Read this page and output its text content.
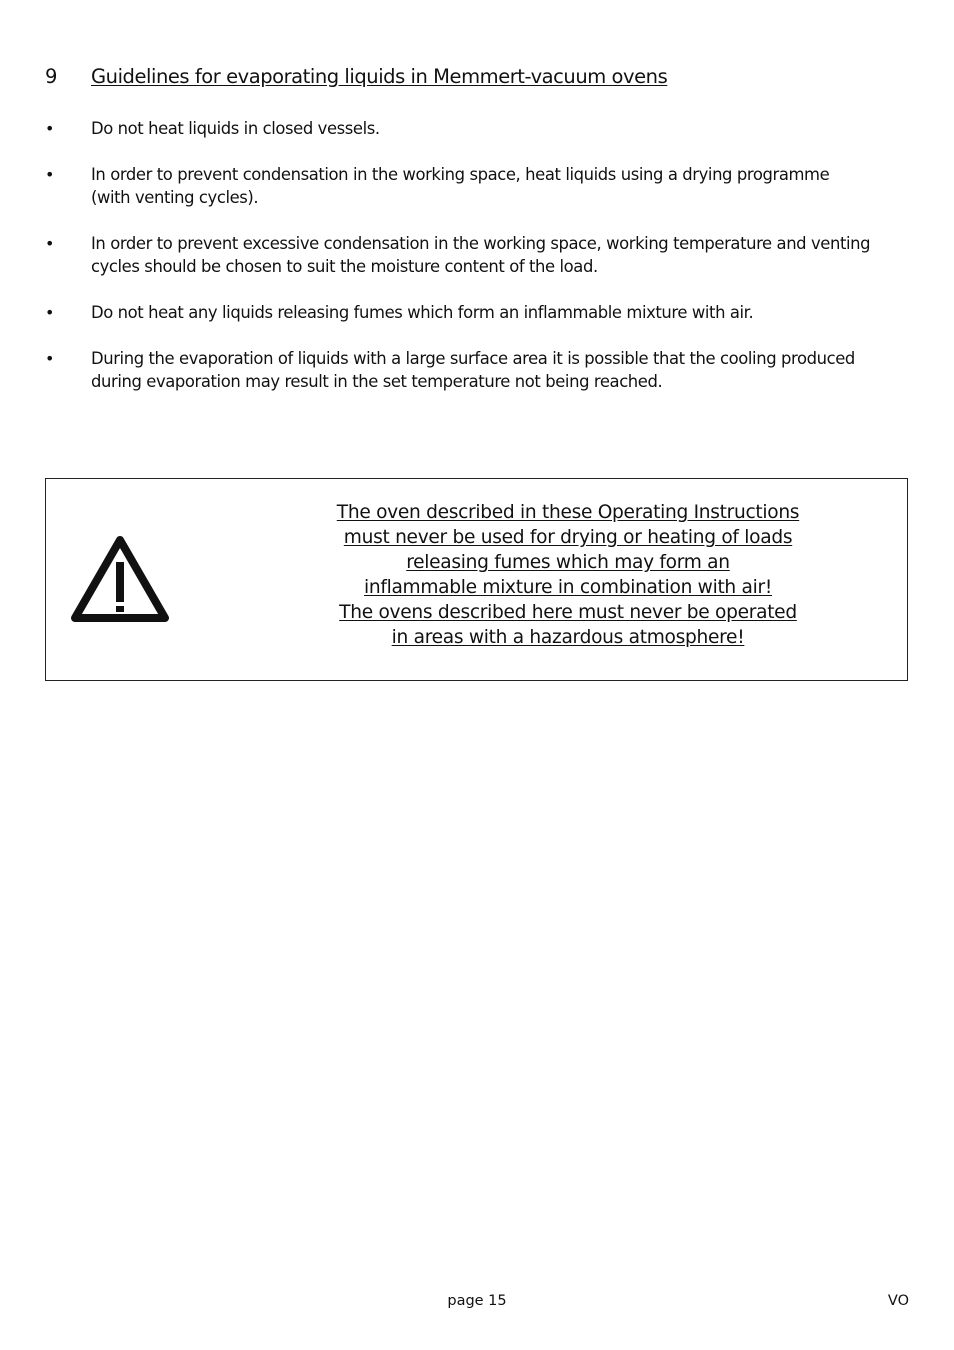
9 Guidelines for evaporating liquids in Memmert-vacuum ovens
• Do not heat liquids in closed vessels.
• In order to prevent condensation in the working space, heat liquids using a drying programme
(with venting cycles).
• In order to prevent excessive condensation in the working space, working temperature and venting
cycles should be chosen to suit the moisture content of the load.
• Do not heat any liquids releasing fumes which form an inflammable mixture with air.
• During the evaporation of liquids with a large surface area it is possible that the cooling produced
during evaporation may result in the set temperature not being reached.
The oven described in these Operating Instructions
must never be used for drying or heating of loads
releasing fumes which may form an
inflammable mixture in combination with air!
The ovens described here must never be operated
in areas with a hazardous atmosphere!
page 15	VO
